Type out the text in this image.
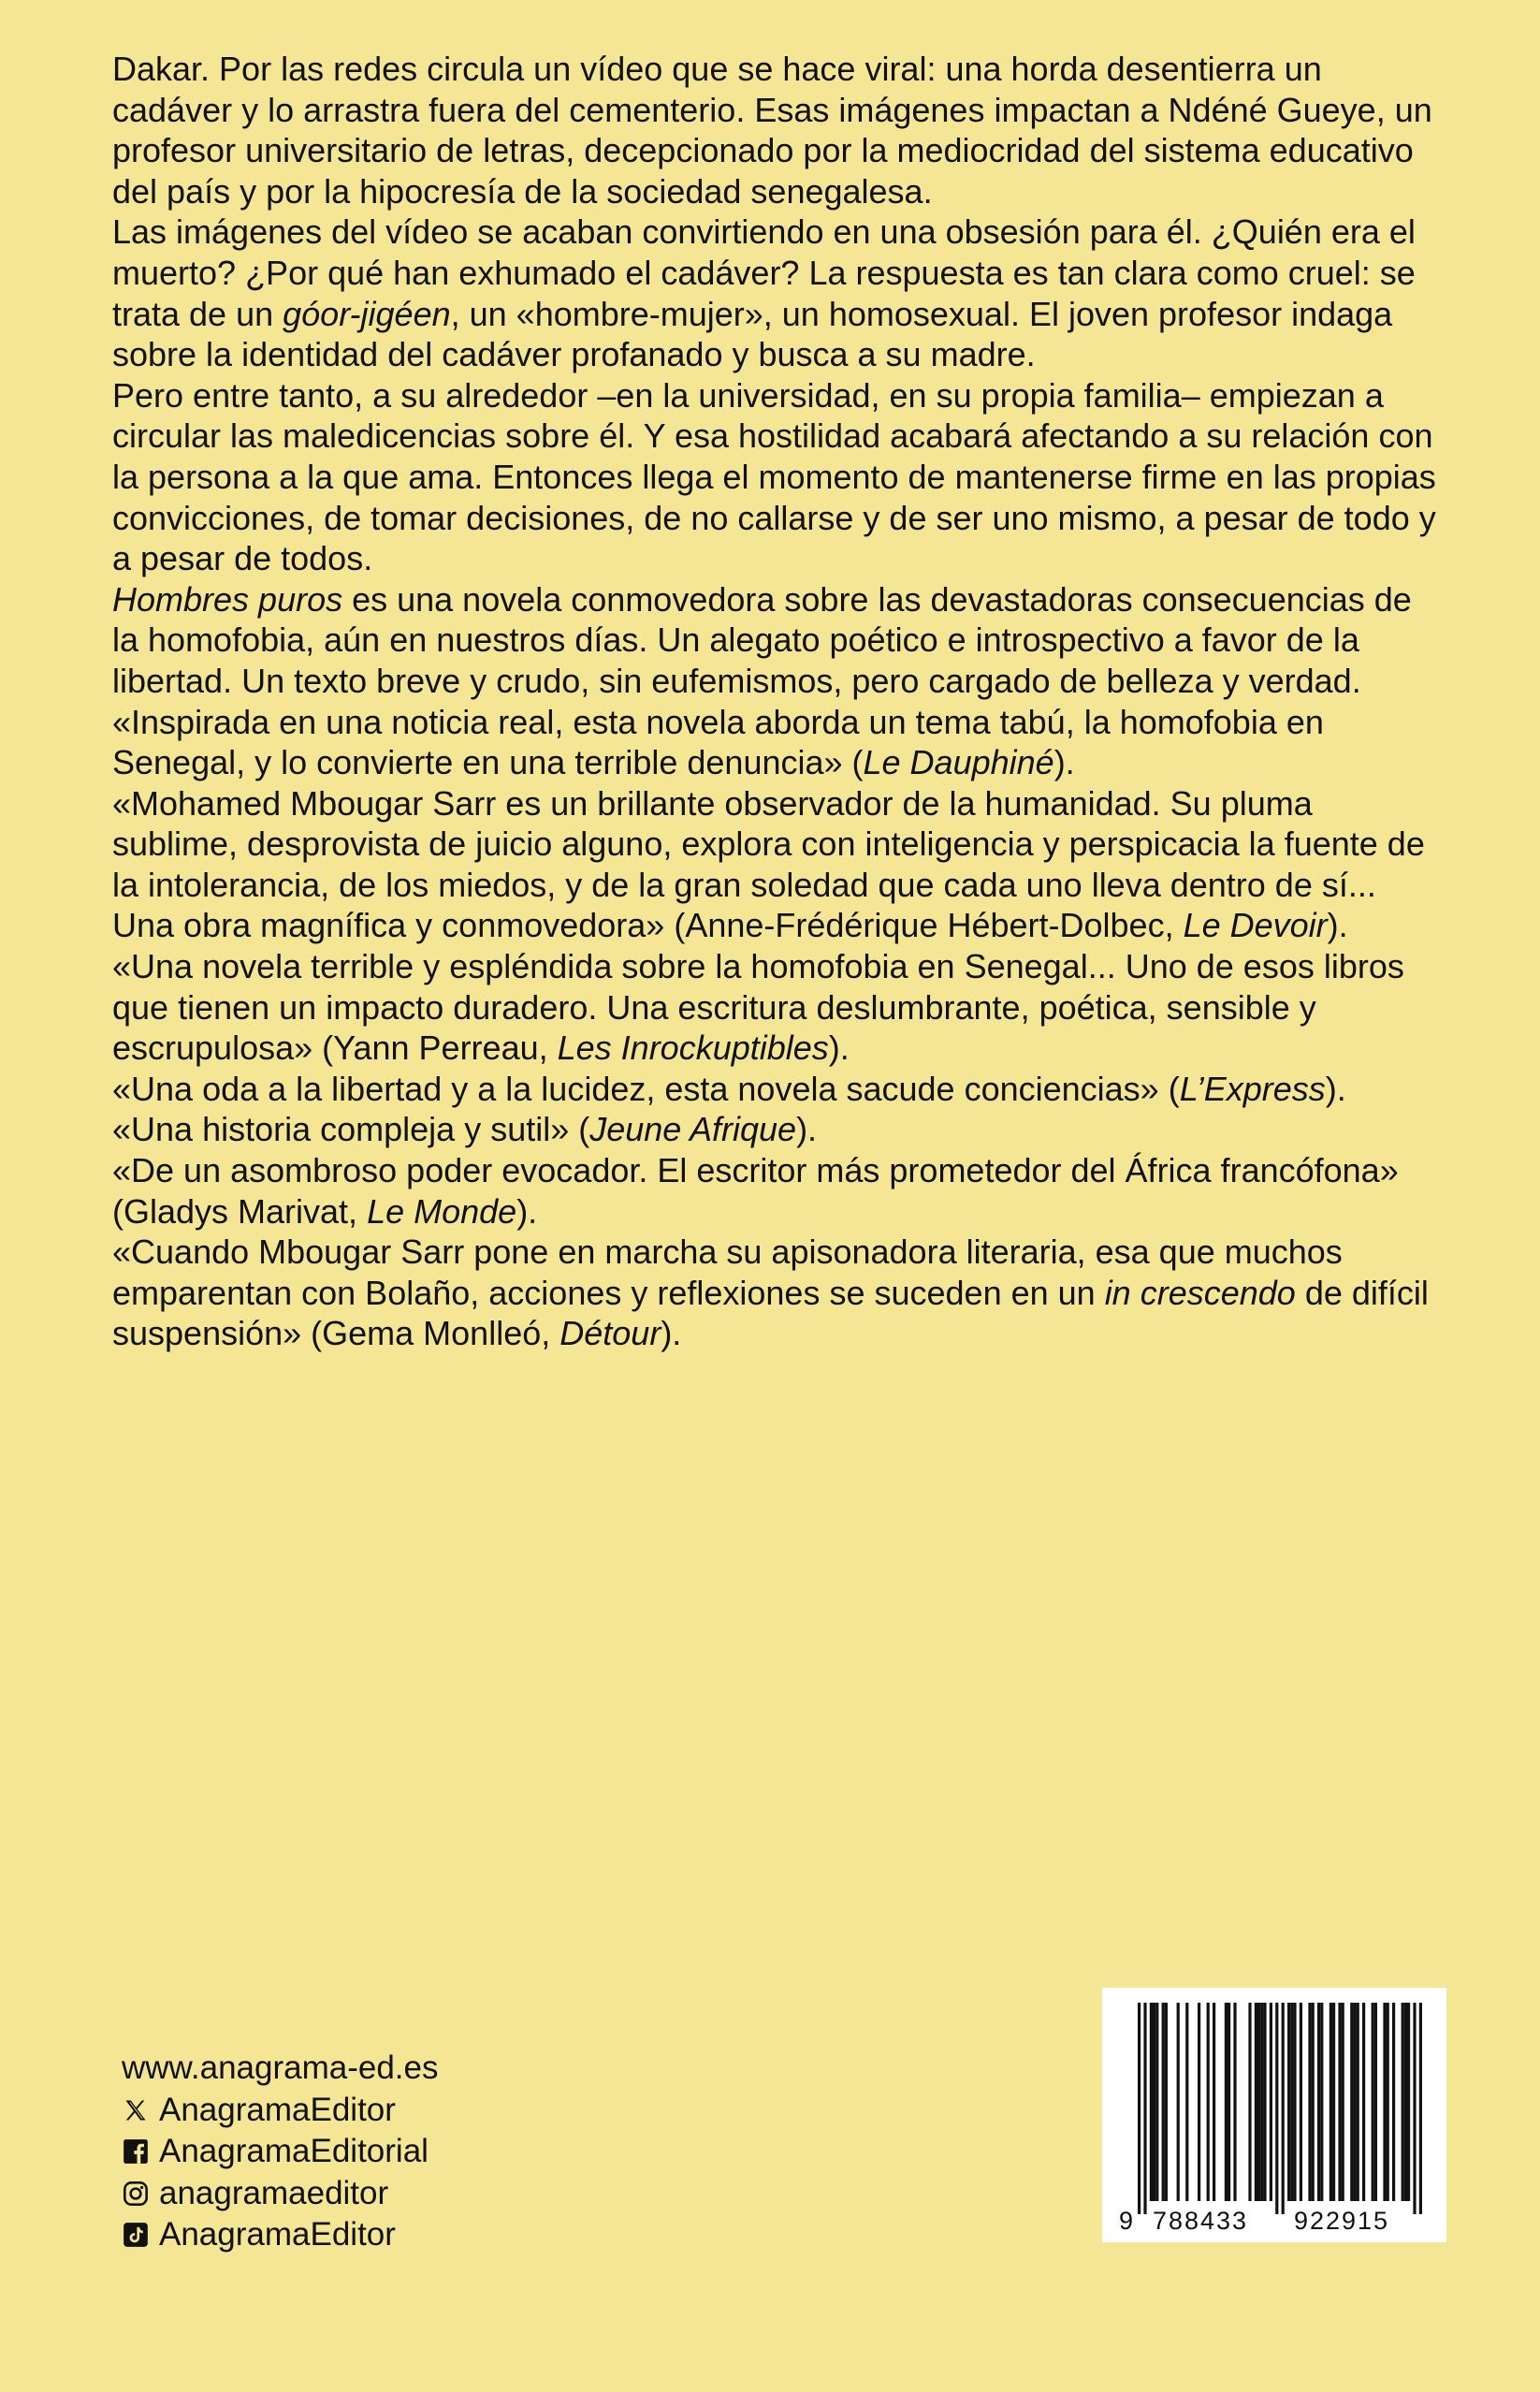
Dakar. Por las redes circula un vídeo que se hace viral: una horda desentierra un cadáver y lo arrastra fuera del cementerio. Esas imágenes impactan a Ndéné Gueye, un profesor universitario de letras, decepcionado por la mediocridad del sistema educativo del país y por la hipocresía de la sociedad senegalesa.

Las imágenes del vídeo se acaban convirtiendo en una obsesión para él. ¿Quién era el muerto? ¿Por qué han exhumado el cadáver? La respuesta es tan clara como cruel: se trata de un góor-jigéen, un «hombre-mujer», un homosexual. El joven profesor indaga sobre la identidad del cadáver profanado y busca a su madre.

Pero entre tanto, a su alrededor –en la universidad, en su propia familia– empiezan a circular las maledicencias sobre él. Y esa hostilidad acabará afectando a su relación con la persona a la que ama. Entonces llega el momento de mantenerse firme en las propias convicciones, de tomar decisiones, de no callarse y de ser uno mismo, a pesar de todo y a pesar de todos.

Hombres puros es una novela conmovedora sobre las devastadoras consecuencias de la homofobia, aún en nuestros días. Un alegato poético e introspectivo a favor de la libertad. Un texto breve y crudo, sin eufemismos, pero cargado de belleza y verdad.

«Inspirada en una noticia real, esta novela aborda un tema tabú, la homofobia en Senegal, y lo convierte en una terrible denuncia» (Le Dauphiné).

«Mohamed Mbougar Sarr es un brillante observador de la humanidad. Su pluma sublime, desprovista de juicio alguno, explora con inteligencia y perspicacia la fuente de la intolerancia, de los miedos, y de la gran soledad que cada uno lleva dentro de sí... Una obra magnífica y conmovedora» (Anne-Frédérique Hébert-Dolbec, Le Devoir).

«Una novela terrible y espléndida sobre la homofobia en Senegal... Uno de esos libros que tienen un impacto duradero. Una escritura deslumbrante, poética, sensible y escrupulosa» (Yann Perreau, Les Inrockuptibles).

«Una oda a la libertad y a la lucidez, esta novela sacude conciencias» (L’Express).

«Una historia compleja y sutil» (Jeune Afrique).

«De un asombroso poder evocador. El escritor más prometedor del África francófona» (Gladys Marivat, Le Monde).

«Cuando Mbougar Sarr pone en marcha su apisonadora literaria, esa que muchos emparentan con Bolaño, acciones y reflexiones se suceden en un in crescendo de difícil suspensión» (Gema Monlleó, Détour).

www.anagrama-ed.es
AnagramaEditor
AnagramaEditorial
anagramaeditor
AnagramaEditor	9 788433 922915
